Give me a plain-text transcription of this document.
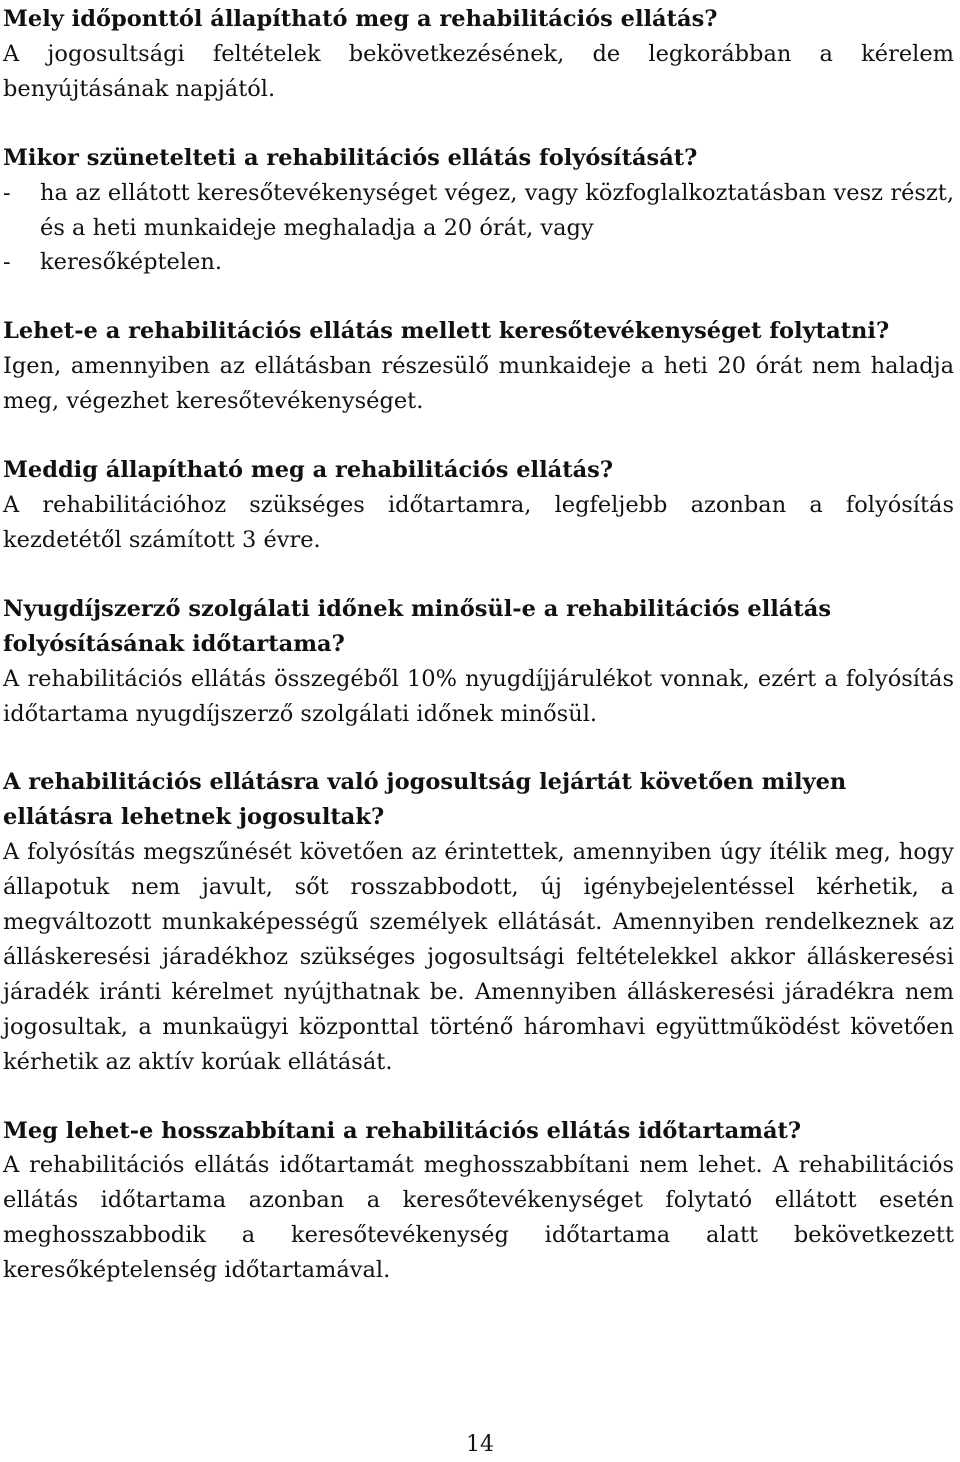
Mely időponttól állapítható meg a rehabilitációs ellátás?

A jogosultsági feltételek bekövetkezésének, de legkorábban a kérelem benyújtásának napjától.

Mikor szünetelteti a rehabilitációs ellátás folyósítását?

- ha az ellátott keresőtevékenységet végez, vagy közfoglalkoztatásban vesz részt, és a heti munkaideje meghaladja a 20 órát, vagy
- keresőképtelen.

Lehet-e a rehabilitációs ellátás mellett keresőtevékenységet folytatni?

Igen, amennyiben az ellátásban részesülő munkaideje a heti 20 órát nem haladja meg, végezhet keresőtevékenységet.

Meddig állapítható meg a rehabilitációs ellátás?

A rehabilitációhoz szükséges időtartamra, legfeljebb azonban a folyósítás kezdetétől számított 3 évre.

Nyugdíjszerző szolgálati időnek minősül-e a rehabilitációs ellátás folyósításának időtartama?

A rehabilitációs ellátás összegéből 10% nyugdíjjárulékot vonnak, ezért a folyósítás időtartama nyugdíjszerző szolgálati időnek minősül.

A rehabilitációs ellátásra való jogosultság lejártát követően milyen ellátásra lehetnek jogosultak?

A folyósítás megszűnését követően az érintettek, amennyiben úgy ítélik meg, hogy állapotuk nem javult, sőt rosszabbodott, új igénybejelentéssel kérhetik, a megváltozott munkaképességű személyek ellátását. Amennyiben rendelkeznek az álláskeresési járadékhoz szükséges jogosultsági feltételekkel akkor álláskeresési járadék iránti kérelmet nyújthatnak be. Amennyiben álláskeresési járadékra nem jogosultak, a munkaügyi központtal történő háromhavi együttműködést követően kérhetik az aktív korúak ellátását.

Meg lehet-e hosszabbítani a rehabilitációs ellátás időtartamát?

A rehabilitációs ellátás időtartamát meghosszabbítani nem lehet. A rehabilitációs ellátás időtartama azonban a keresőtevékenységet folytató ellátott esetén meghosszabbodik a keresőtevékenység időtartama alatt bekövetkezett keresőképtelenség időtartamával.

14
